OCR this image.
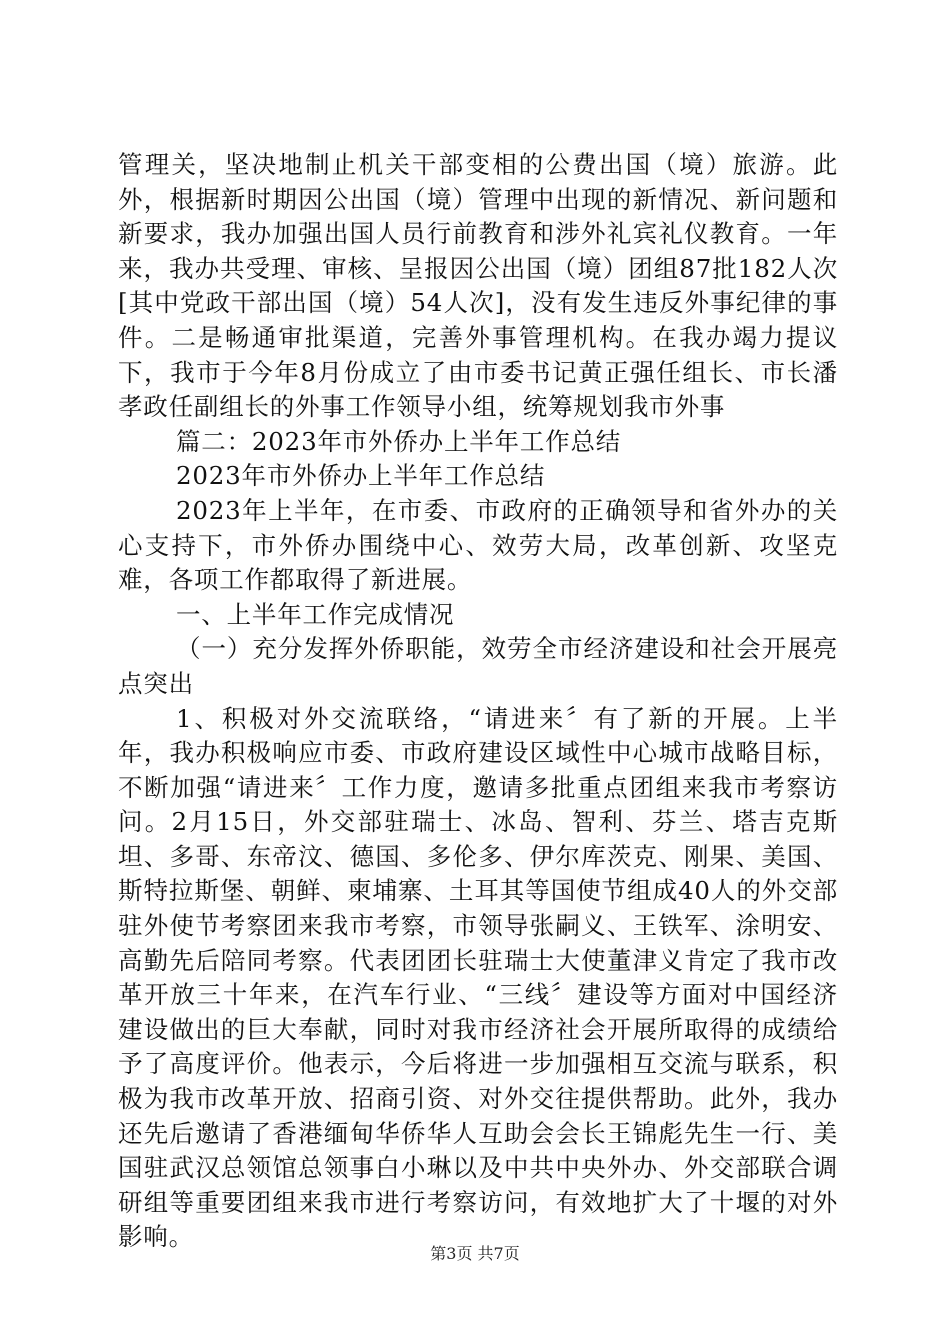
管理关，坚决地制止机关干部变相的公费出国（境）旅游。此外，根据新时期因公出国（境）管理中出现的新情况、新问题和新要求，我办加强出国人员行前教育和涉外礼宾礼仪教育。一年来，我办共受理、审核、呈报因公出国（境）团组87批182人次[其中党政干部出国（境）54人次]，没有发生违反外事纪律的事件。二是畅通审批渠道，完善外事管理机构。在我办竭力提议下，我市于今年8月份成立了由市委书记黄正强任组长、市长潘孝政任副组长的外事工作领导小组，统筹规划我市外事

篇二：2023年市外侨办上半年工作总结

2023年市外侨办上半年工作总结

2023年上半年，在市委、市政府的正确领导和省外办的关心支持下，市外侨办围绕中心、效劳大局，改革创新、攻坚克难，各项工作都取得了新进展。

一、上半年工作完成情况

（一）充分发挥外侨职能，效劳全市经济建设和社会开展亮点突出

1、积极对外交流联络，“请进来〞有了新的开展。上半年，我办积极响应市委、市政府建设区域性中心城市战略目标，不断加强“请进来〞工作力度，邀请多批重点团组来我市考察访问。2月15日，外交部驻瑞士、冰岛、智利、芬兰、塔吉克斯坦、多哥、东帝汶、德国、多伦多、伊尔库茨克、刚果、美国、斯特拉斯堡、朝鲜、柬埔寨、土耳其等国使节组成40人的外交部驻外使节考察团来我市考察，市领导张嗣义、王铁军、涂明安、高勤先后陪同考察。代表团团长驻瑞士大使董津义肯定了我市改革开放三十年来，在汽车行业、“三线〞建设等方面对中国经济建设做出的巨大奉献，同时对我市经济社会开展所取得的成绩给予了高度评价。他表示，今后将进一步加强相互交流与联系，积极为我市改革开放、招商引资、对外交往提供帮助。此外，我办还先后邀请了香港缅甸华侨华人互助会会长王锦彪先生一行、美国驻武汉总领馆总领事白小琳以及中共中央外办、外交部联合调研组等重要团组来我市进行考察访问，有效地扩大了十堰的对外影响。

第3页 共7页
